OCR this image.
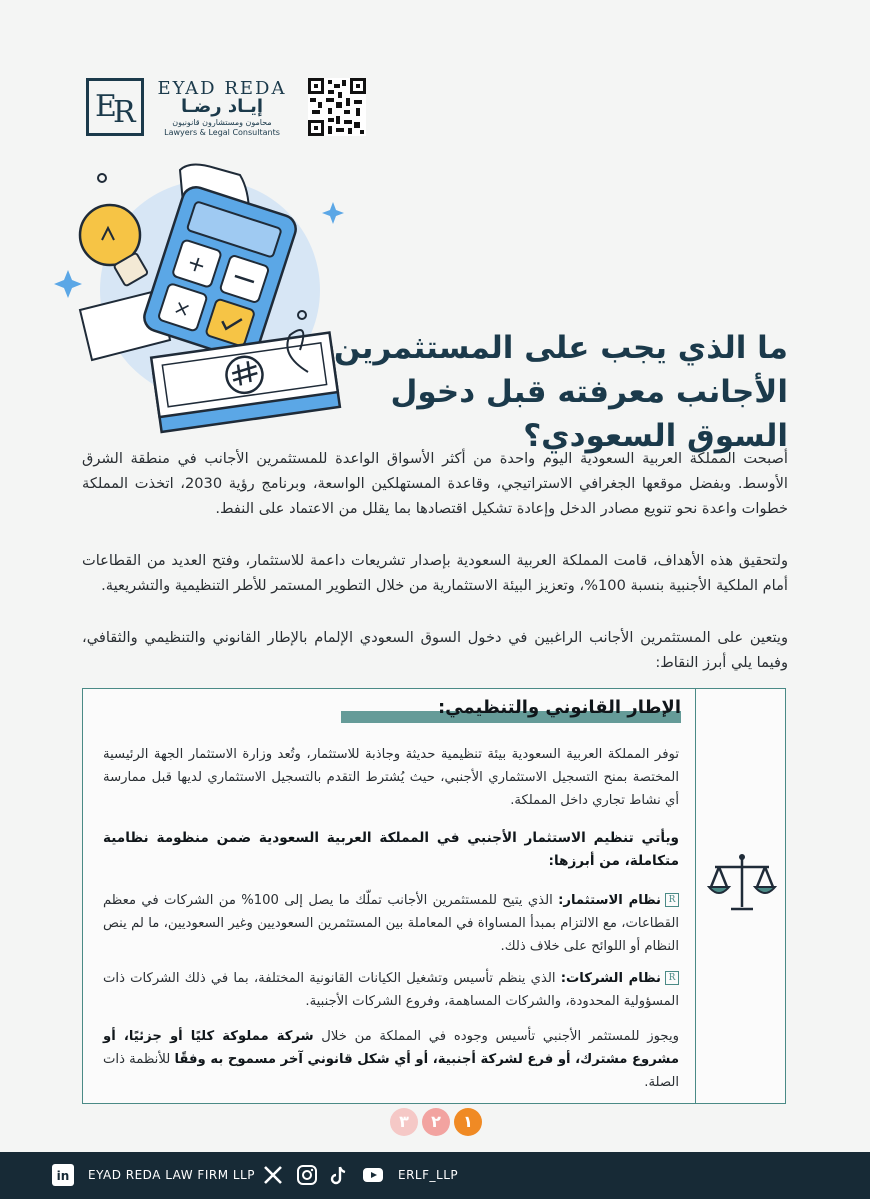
E
R
EYAD REDA
إيـاد رضـا
محامون ومستشارون قانونيون
Lawyers & Legal Consultants
+
×
ما الذي يجب على المستثمرين الأجانب معرفته قبل دخول السوق السعودي؟

أصبحت المملكة العربية السعودية اليوم واحدة من أكثر الأسواق الواعدة للمستثمرين الأجانب في منطقة الشرق الأوسط. وبفضل موقعها الجغرافي الاستراتيجي، وقاعدة المستهلكين الواسعة، وبرنامج رؤية 2030، اتخذت المملكة خطوات واعدة نحو تنويع مصادر الدخل وإعادة تشكيل اقتصادها بما يقلل من الاعتماد على النفط.

ولتحقيق هذه الأهداف، قامت المملكة العربية السعودية بإصدار تشريعات داعمة للاستثمار، وفتح العديد من القطاعات أمام الملكية الأجنبية بنسبة 100%، وتعزيز البيئة الاستثمارية من خلال التطوير المستمر للأطر التنظيمية والتشريعية.

ويتعين على المستثمرين الأجانب الراغبين في دخول السوق السعودي الإلمام بالإطار القانوني والتنظيمي والثقافي، وفيما يلي أبرز النقاط:

الإطار القانوني والتنظيمي:

توفر المملكة العربية السعودية بيئة تنظيمية حديثة وجاذبة للاستثمار، وتُعد وزارة الاستثمار الجهة الرئيسية المختصة بمنح التسجيل الاستثماري الأجنبي، حيث يُشترط التقدم بالتسجيل الاستثماري لديها قبل ممارسة أي نشاط تجاري داخل المملكة.

ويأتي تنظيم الاستثمار الأجنبي في المملكة العربية السعودية ضمن منظومة نظامية متكاملة، من أبرزها:

Rنظام الاستثمار: الذي يتيح للمستثمرين الأجانب تملّك ما يصل إلى 100% من الشركات في معظم القطاعات، مع الالتزام بمبدأ المساواة في المعاملة بين المستثمرين السعوديين وغير السعوديين، ما لم ينص النظام أو اللوائح على خلاف ذلك.

Rنظام الشركات: الذي ينظم تأسيس وتشغيل الكيانات القانونية المختلفة، بما في ذلك الشركات ذات المسؤولية المحدودة، والشركات المساهمة، وفروع الشركات الأجنبية.

ويجوز للمستثمر الأجنبي تأسيس وجوده في المملكة من خلال شركة مملوكة كليًا أو جزئيًا، أو مشروع مشترك، أو فرع لشركة أجنبية، أو أي شكل قانوني آخر مسموح به وفقًا للأنظمة ذات الصلة.

٣	٢	١
in EYAD REDA LAW FIRM LLP	ERLF_LLP
